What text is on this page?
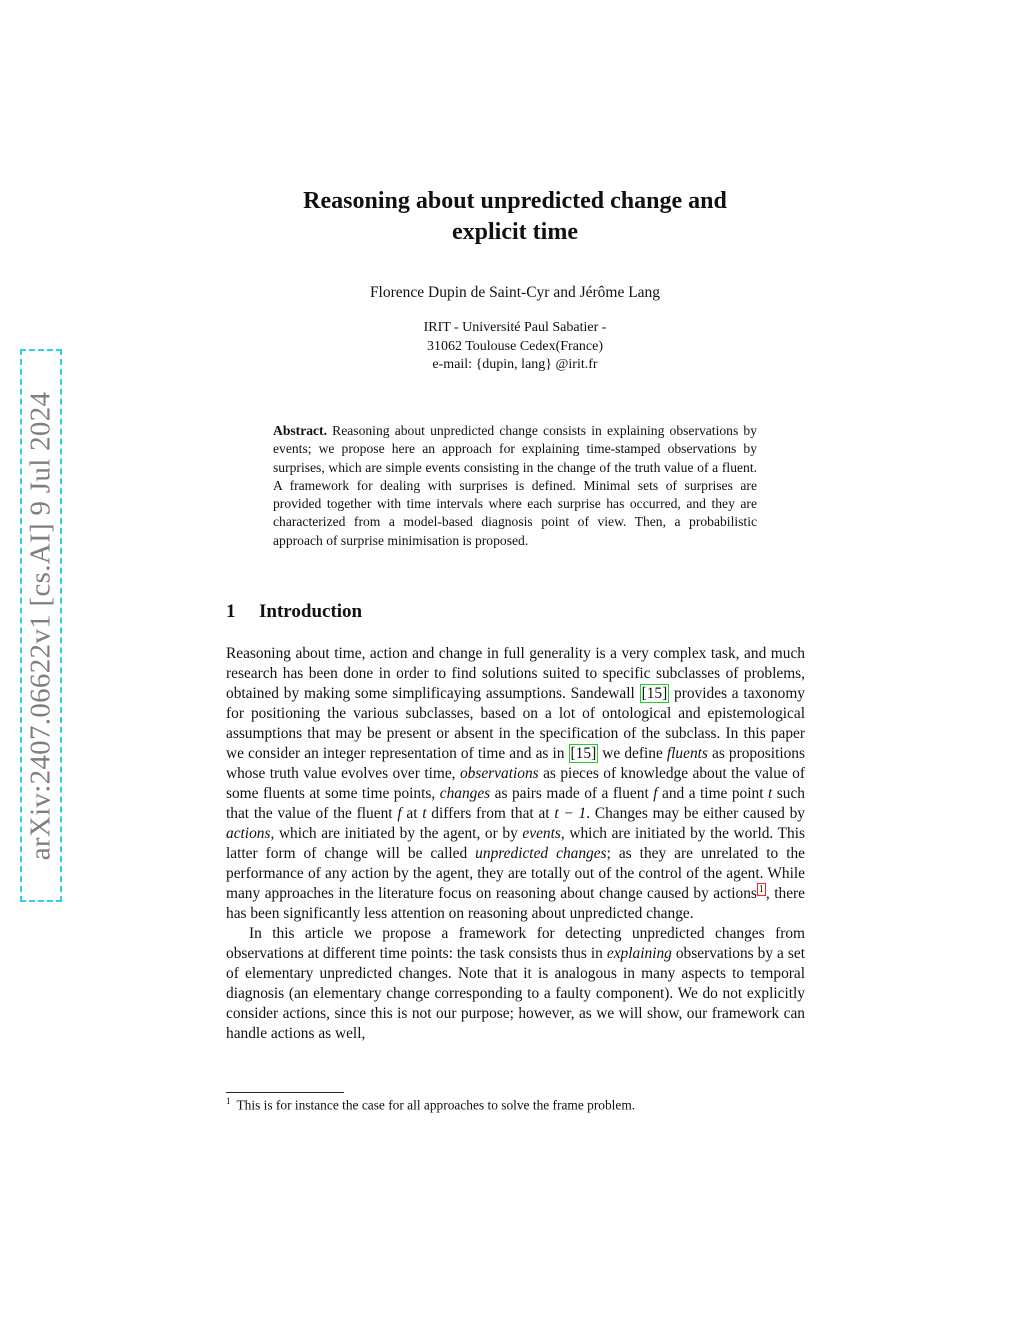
arXiv:2407.06622v1 [cs.AI] 9 Jul 2024
Reasoning about unpredicted change and
explicit time

Florence Dupin de Saint-Cyr and Jérôme Lang

IRIT - Université Paul Sabatier -
31062 Toulouse Cedex(France)
e-mail: {dupin, lang} @irit.fr

Abstract. Reasoning about unpredicted change consists in explaining observations by events; we propose here an approach for explaining time-stamped observations by surprises, which are simple events consisting in the change of the truth value of a fluent. A framework for dealing with surprises is defined. Minimal sets of surprises are provided together with time intervals where each surprise has occurred, and they are characterized from a model-based diagnosis point of view. Then, a probabilistic approach of surprise minimisation is proposed.

1 Introduction

Reasoning about time, action and change in full generality is a very complex task, and much research has been done in order to find solutions suited to specific subclasses of problems, obtained by making some simplificaying assumptions. Sandewall [15] provides a taxonomy for positioning the various subclasses, based on a lot of ontological and epistemological assumptions that may be present or absent in the specification of the subclass. In this paper we consider an integer representation of time and as in [15] we define fluents as propositions whose truth value evolves over time, observations as pieces of knowledge about the value of some fluents at some time points, changes as pairs made of a fluent f and a time point t such that the value of the fluent f at t differs from that at t − 1. Changes may be either caused by actions, which are initiated by the agent, or by events, which are initiated by the world. This latter form of change will be called unpredicted changes; as they are unrelated to the performance of any action by the agent, they are totally out of the control of the agent. While many approaches in the literature focus on reasoning about change caused by actions $^1$ , there has been significantly less attention on reasoning about unpredicted change.

In this article we propose a framework for detecting unpredicted changes from observations at different time points: the task consists thus in explaining observations by a set of elementary unpredicted changes. Note that it is analogous in many aspects to temporal diagnosis (an elementary change corresponding to a faulty component). We do not explicitly consider actions, since this is not our purpose; however, as we will show, our framework can handle actions as well,

$^1$ This is for instance the case for all approaches to solve the frame problem.
